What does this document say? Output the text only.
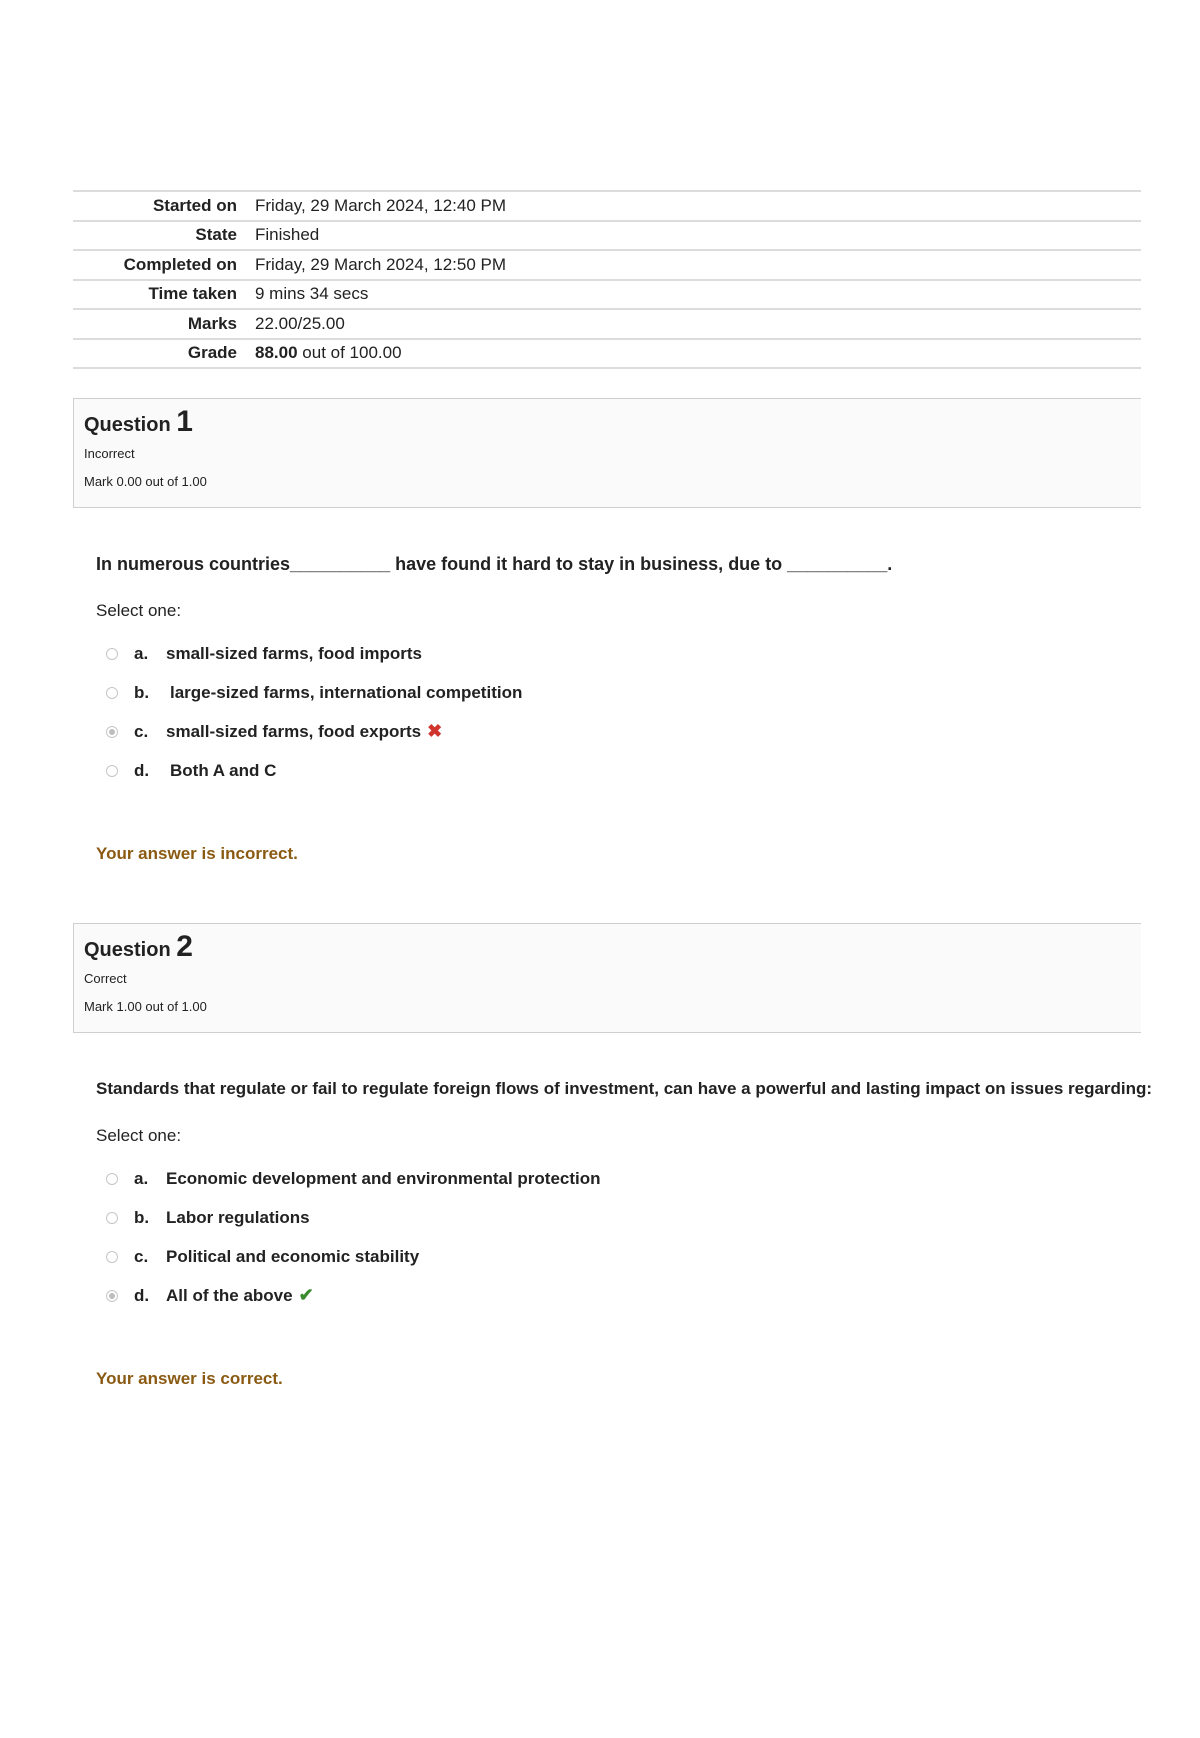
Started on	Friday, 29 March 2024, 12:40 PM
State	Finished
Completed on	Friday, 29 March 2024, 12:50 PM
Time taken	9 mins 34 secs
Marks	22.00/25.00
Grade	88.00 out of 100.00
Question 1
Incorrect
Mark 0.00 out of 1.00
In numerous countries__________ have found it hard to stay in business, due to __________.
Select one:
a.	small-sized farms, food imports
b.	large-sized farms, international competition
c.	small-sized farms, food exports ✖
d.	Both A and C
Your answer is incorrect.
Question 2
Correct
Mark 1.00 out of 1.00
Standards that regulate or fail to regulate foreign flows of investment, can have a powerful and lasting impact on issues regarding:
Select one:
a.	Economic development and environmental protection
b. Labor regulations
c.	Political and economic stability
d. All of the above ✔
Your answer is correct.
